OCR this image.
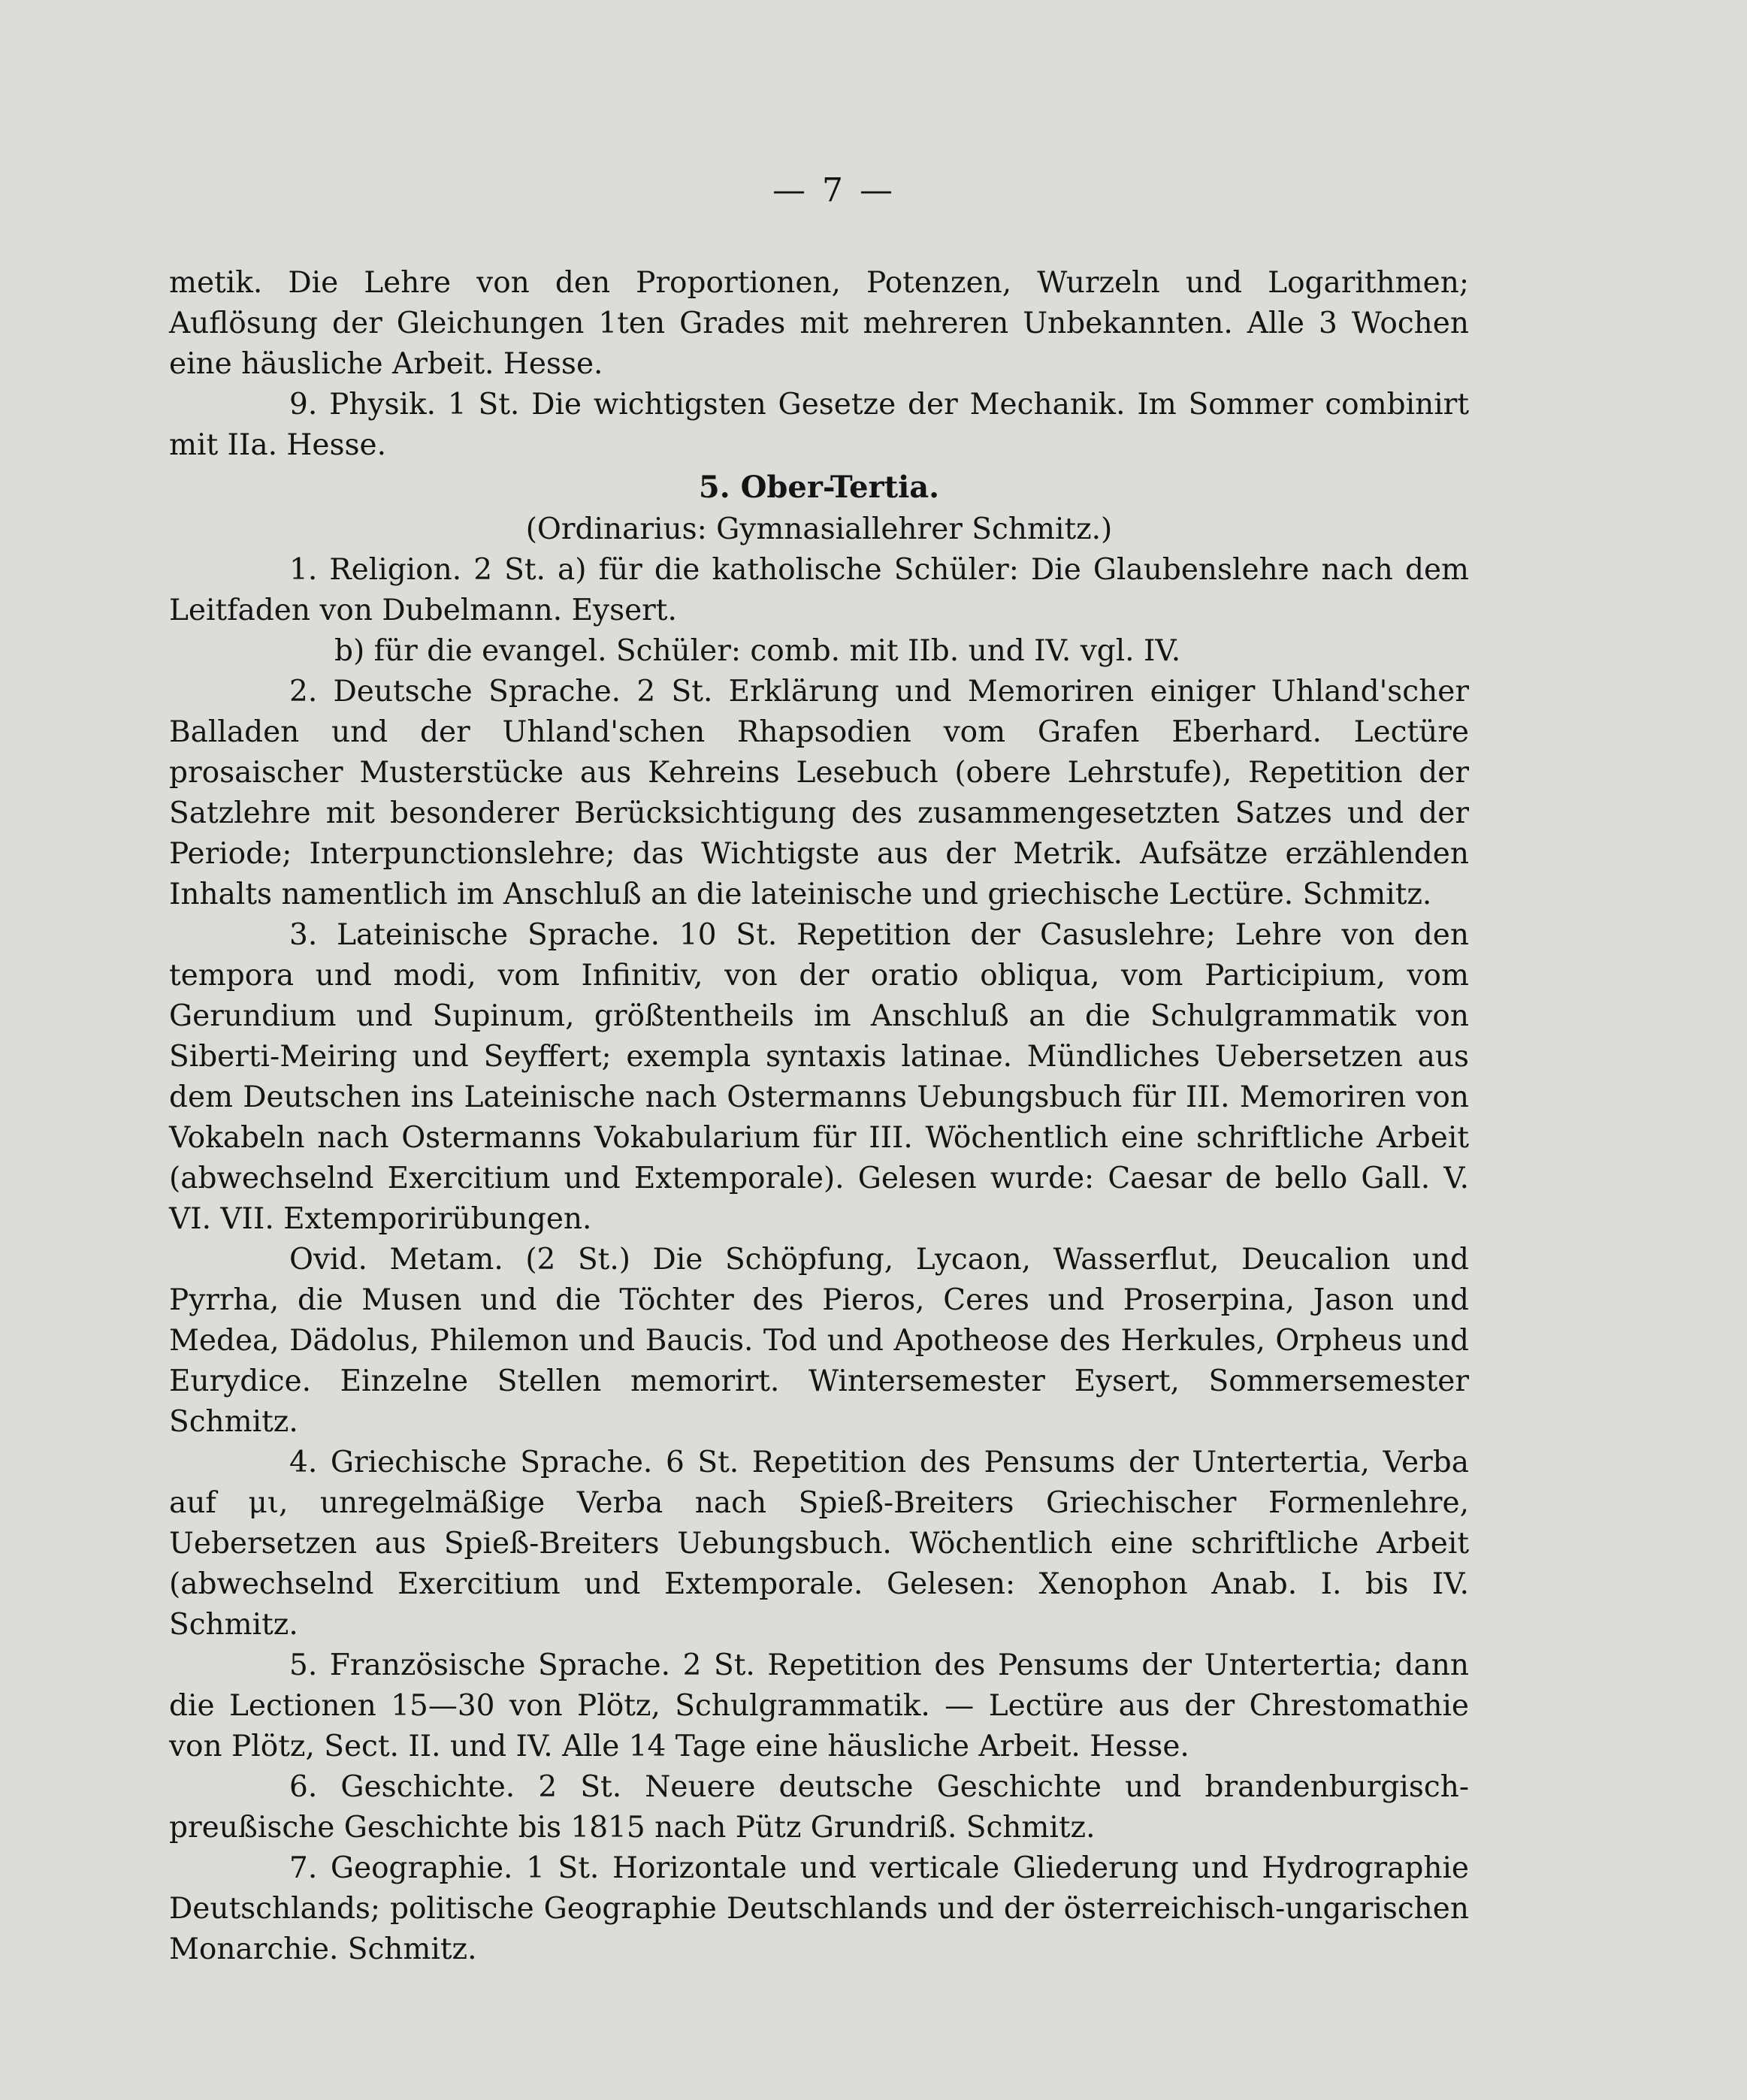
— 7 —

metik. Die Lehre von den Proportionen, Potenzen, Wurzeln und Logarithmen; Auflösung der Gleichungen 1ten Grades mit mehreren Unbekannten. Alle 3 Wochen eine häusliche Arbeit. Hesse.

9. Physik. 1 St. Die wichtigsten Gesetze der Mechanik. Im Sommer combinirt mit IIa. Hesse.

5. Ober-Tertia.

(Ordinarius: Gymnasiallehrer Schmitz.)

1. Religion. 2 St. a) für die katholische Schüler: Die Glaubenslehre nach dem Leitfaden von Dubelmann. Eysert.

b) für die evangel. Schüler: comb. mit IIb. und IV. vgl. IV.

2. Deutsche Sprache. 2 St. Erklärung und Memoriren einiger Uhland'scher Balladen und der Uhland'schen Rhapsodien vom Grafen Eberhard. Lectüre prosaischer Musterstücke aus Kehreins Lesebuch (obere Lehrstufe), Repetition der Satzlehre mit besonderer Berücksichtigung des zusammengesetzten Satzes und der Periode; Interpunctionslehre; das Wichtigste aus der Metrik. Aufsätze erzählenden Inhalts namentlich im Anschluß an die lateinische und griechische Lectüre. Schmitz.

3. Lateinische Sprache. 10 St. Repetition der Casuslehre; Lehre von den tempora und modi, vom Infinitiv, von der oratio obliqua, vom Participium, vom Gerundium und Supinum, größtentheils im Anschluß an die Schulgrammatik von Siberti-Meiring und Seyffert; exempla syntaxis latinae. Mündliches Uebersetzen aus dem Deutschen ins Lateinische nach Ostermanns Uebungsbuch für III. Memoriren von Vokabeln nach Ostermanns Vokabularium für III. Wöchentlich eine schriftliche Arbeit (abwechselnd Exercitium und Extemporale). Gelesen wurde: Caesar de bello Gall. V. VI. VII. Extemporirübungen.

Ovid. Metam. (2 St.) Die Schöpfung, Lycaon, Wasserflut, Deucalion und Pyrrha, die Musen und die Töchter des Pieros, Ceres und Proserpina, Jason und Medea, Dädolus, Philemon und Baucis. Tod und Apotheose des Herkules, Orpheus und Eurydice. Einzelne Stellen memorirt. Wintersemester Eysert, Sommersemester Schmitz.

4. Griechische Sprache. 6 St. Repetition des Pensums der Untertertia, Verba auf μι, unregelmäßige Verba nach Spieß-Breiters Griechischer Formenlehre, Uebersetzen aus Spieß-Breiters Uebungsbuch. Wöchentlich eine schriftliche Arbeit (abwechselnd Exercitium und Extemporale. Gelesen: Xenophon Anab. I. bis IV. Schmitz.

5. Französische Sprache. 2 St. Repetition des Pensums der Untertertia; dann die Lectionen 15—30 von Plötz, Schulgrammatik. — Lectüre aus der Chrestomathie von Plötz, Sect. II. und IV. Alle 14 Tage eine häusliche Arbeit. Hesse.

6. Geschichte. 2 St. Neuere deutsche Geschichte und brandenburgisch-preußische Geschichte bis 1815 nach Pütz Grundriß. Schmitz.

7. Geographie. 1 St. Horizontale und verticale Gliederung und Hydrographie Deutschlands; politische Geographie Deutschlands und der österreichisch-ungarischen Monarchie. Schmitz.
